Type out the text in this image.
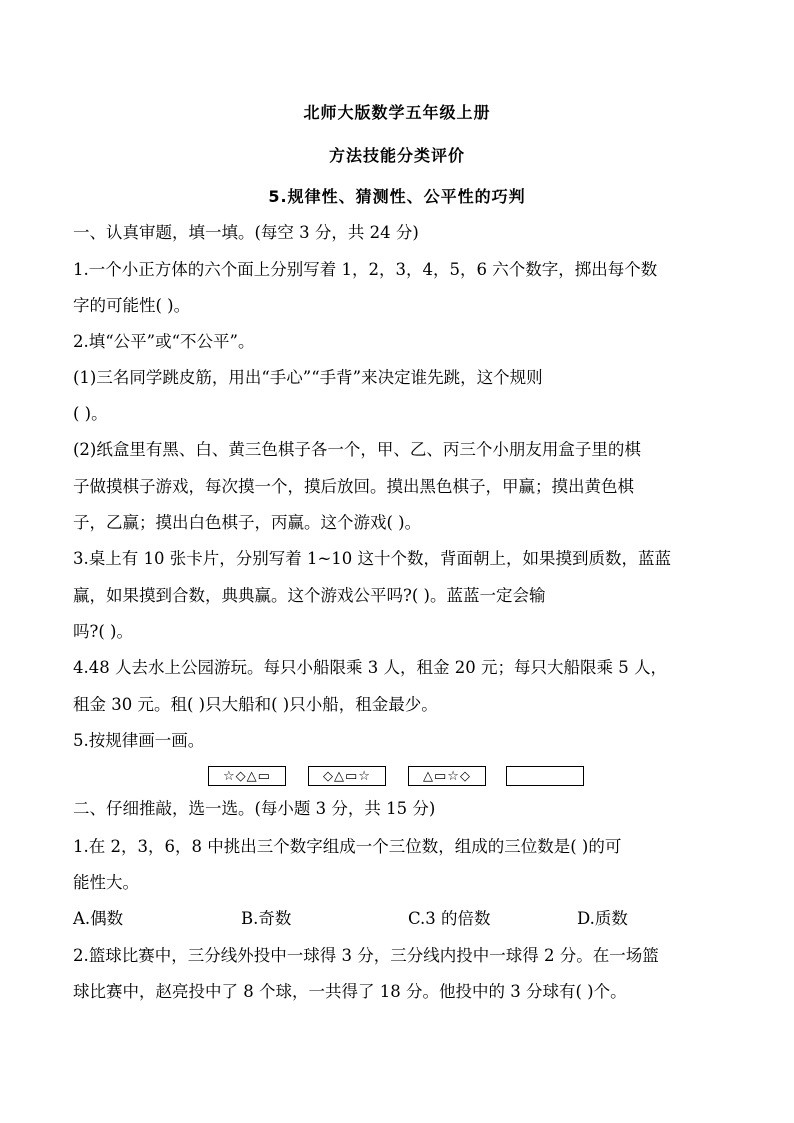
北师大版数学五年级上册
方法技能分类评价
5.规律性、猜测性、公平性的巧判
一、认真审题，填一填。(每空 3 分，共 24 分)
1.一个小正方体的六个面上分别写着 1，2，3，4，5，6 六个数字，掷出每个数
字的可能性( )。
2.填“公平”或“不公平”。
(1)三名同学跳皮筋，用出“手心”“手背”来决定谁先跳，这个规则
( )。
(2)纸盒里有黑、白、黄三色棋子各一个，甲、乙、丙三个小朋友用盒子里的棋
子做摸棋子游戏，每次摸一个，摸后放回。摸出黑色棋子，甲赢；摸出黄色棋
子，乙赢；摸出白色棋子，丙赢。这个游戏( )。
3.桌上有 10 张卡片，分别写着 1~10 这十个数，背面朝上，如果摸到质数，蓝蓝
赢，如果摸到合数，典典赢。这个游戏公平吗?( )。蓝蓝一定会输
吗?( )。
4.48 人去水上公园游玩。每只小船限乘 3 人，租金 20 元；每只大船限乘 5 人，
租金 30 元。租( )只大船和( )只小船，租金最少。
5.按规律画一画。
☆◇△▭	◇△▭☆	△▭☆◇
二、仔细推敲，选一选。(每小题 3 分，共 15 分)
1.在 2，3，6，8 中挑出三个数字组成一个三位数，组成的三位数是( )的可
能性大。
A.偶数	B.奇数	C.3 的倍数	D.质数
2.篮球比赛中，三分线外投中一球得 3 分，三分线内投中一球得 2 分。在一场篮
球比赛中，赵亮投中了 8 个球，一共得了 18 分。他投中的 3 分球有( )个。
